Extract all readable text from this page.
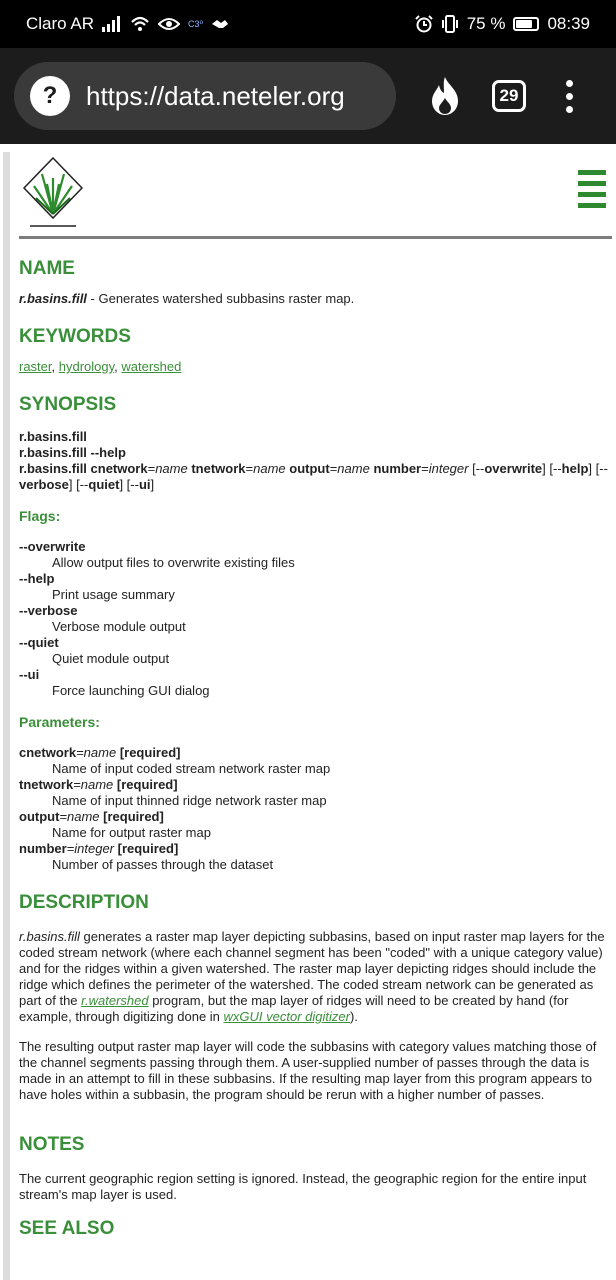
Claro AR	C3⁰	75 % 08:39
?	https://data.neteler.org	29
NAME

r.basins.fill - Generates watershed subbasins raster map.

KEYWORDS

raster, hydrology, watershed

SYNOPSIS
r.basins.fill
r.basins.fill --help
r.basins.fill cnetwork=name tnetwork=name output=name number=integer [--overwrite] [--help] [--verbose] [--quiet] [--ui]
Flags:
--overwrite
Allow output files to overwrite existing files
--help
Print usage summary
--verbose
Verbose module output
--quiet
Quiet module output
--ui
Force launching GUI dialog
Parameters:
cnetwork=name [required]
Name of input coded stream network raster map
tnetwork=name [required]
Name of input thinned ridge network raster map
output=name [required]
Name for output raster map
number=integer [required]
Number of passes through the dataset
DESCRIPTION

r.basins.fill generates a raster map layer depicting subbasins, based on input raster map layers for the coded stream network (where each channel segment has been "coded" with a unique category value) and for the ridges within a given watershed. The raster map layer depicting ridges should include the ridge which defines the perimeter of the watershed. The coded stream network can be generated as part of the r.watershed program, but the map layer of ridges will need to be created by hand (for example, through digitizing done in wxGUI vector digitizer).

The resulting output raster map layer will code the subbasins with category values matching those of the channel segments passing through them. A user-supplied number of passes through the data is made in an attempt to fill in these subbasins. If the resulting map layer from this program appears to have holes within a subbasin, the program should be rerun with a higher number of passes.

NOTES

The current geographic region setting is ignored. Instead, the geographic region for the entire input stream's map layer is used.

SEE ALSO
